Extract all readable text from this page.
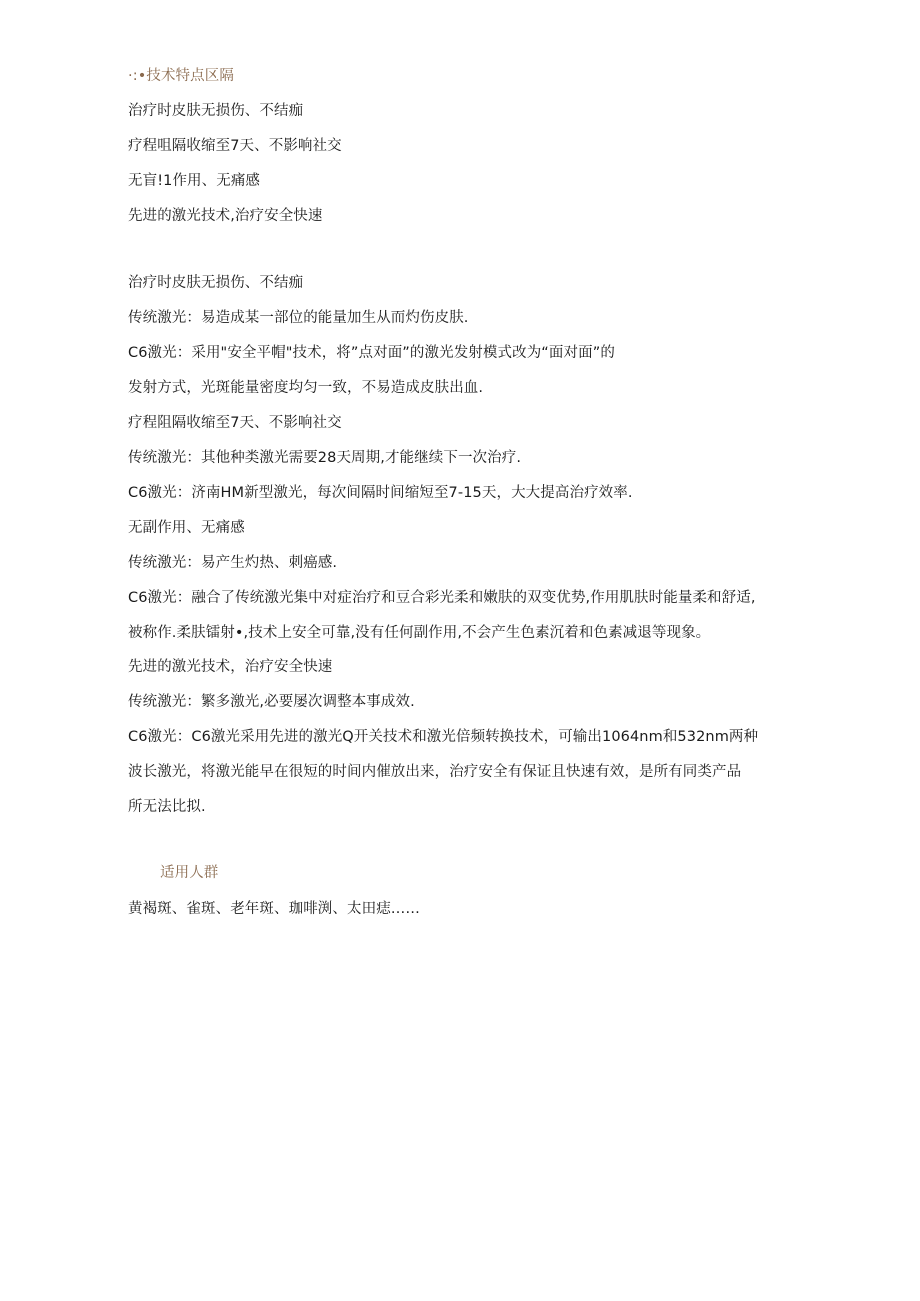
·:•技术特点区隔
治疗时皮肤无损伤、不结痂
疗程咀隔收缩至7天、不影响社交
无盲!1作用、无痛感
先进的激光技术,治疗安全快速
治疗时皮肤无损伤、不结痂
传统激光：易造成某一部位的能量加生从而灼伤皮肤.
C6激光：采用"安全平帽"技术，将”点对面”的激光发射模式改为“面对面”的
发射方式，光斑能量密度均匀一致，不易造成皮肤出血.
疗程阻隔收缩至7天、不影响社交
传统激光：其他种类激光需要28天周期,才能继续下一次治疗.
C6激光：济南HM新型激光，每次间隔时间缩短至7-15天，大大提高治疗效率.
无副作用、无痛感
传统激光：易产生灼热、刺癌感.
C6激光：融合了传统激光集中对症治疗和豆合彩光柔和嫩肤的双变优势,作用肌肤时能量柔和舒适,
被称作.柔肤镭射•,技术上安全可靠,没有任何副作用,不会产生色素沉着和色素减退等现象。
先进的激光技术，治疗安全快速
传统激光：繁多激光,必要屡次调整本事成效.
C6激光：C6激光采用先进的激光Q开关技术和激光倍频转换技术，可输出1064nm和532nm两种
波长激光，将激光能早在很短的时间内催放出来，治疗安全有保证且快速有效，是所有同类产品
所无法比拟.
适用人群
黄褐斑、雀斑、老年斑、珈啡渕、太田痣……
